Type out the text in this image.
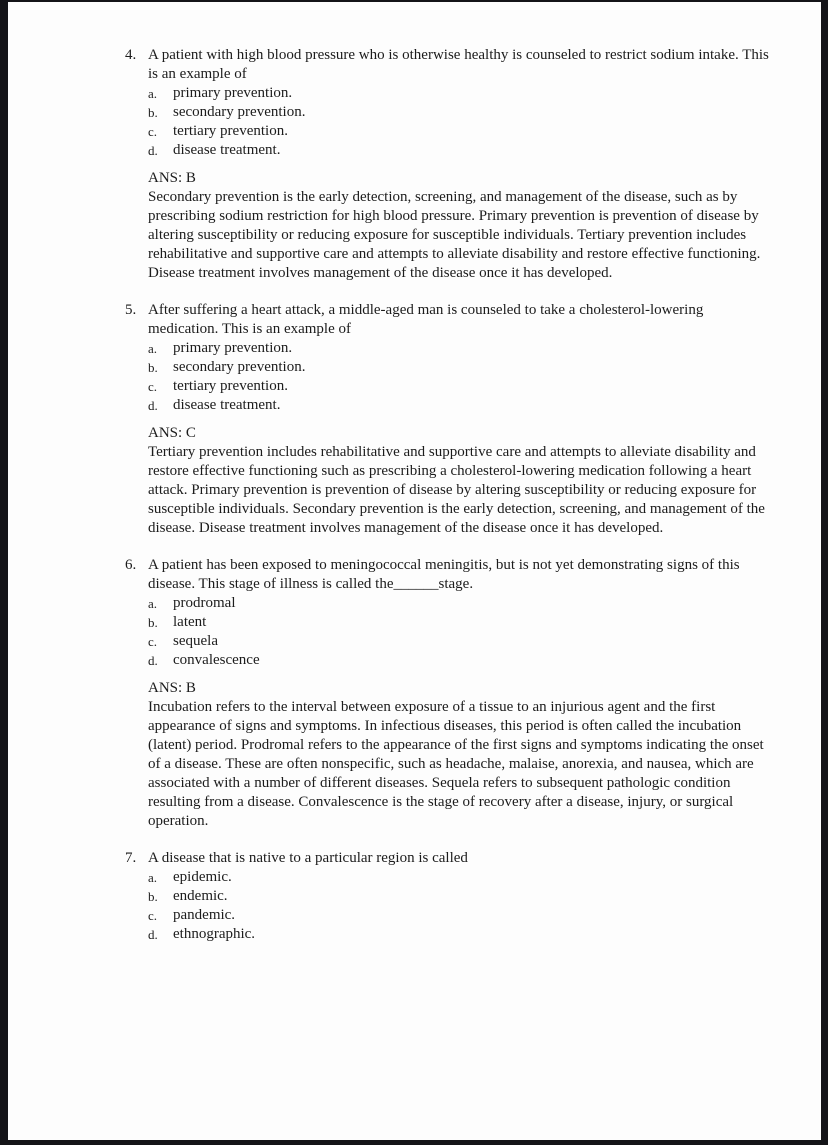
4. A patient with high blood pressure who is otherwise healthy is counseled to restrict sodium intake. This is an example of
a.	primary prevention.
b.	secondary prevention.
c.	tertiary prevention.
d.	disease treatment.
ANS: B
Secondary prevention is the early detection, screening, and management of the disease, such as by prescribing sodium restriction for high blood pressure. Primary prevention is prevention of disease by altering susceptibility or reducing exposure for susceptible individuals. Tertiary prevention includes rehabilitative and supportive care and attempts to alleviate disability and restore effective functioning. Disease treatment involves management of the disease once it has developed.
5. After suffering a heart attack, a middle-aged man is counseled to take a cholesterol-lowering medication. This is an example of
a.	primary prevention.
b.	secondary prevention.
c.	tertiary prevention.
d.	disease treatment.
ANS: C
Tertiary prevention includes rehabilitative and supportive care and attempts to alleviate disability and restore effective functioning such as prescribing a cholesterol-lowering medication following a heart attack. Primary prevention is prevention of disease by altering susceptibility or reducing exposure for susceptible individuals. Secondary prevention is the early detection, screening, and management of the disease. Disease treatment involves management of the disease once it has developed.
6. A patient has been exposed to meningococcal meningitis, but is not yet demonstrating signs of this disease. This stage of illness is called the______stage.
a.	prodromal
b.	latent
c.	sequela
d.	convalescence
ANS: B
Incubation refers to the interval between exposure of a tissue to an injurious agent and the first appearance of signs and symptoms. In infectious diseases, this period is often called the incubation (latent) period. Prodromal refers to the appearance of the first signs and symptoms indicating the onset of a disease. These are often nonspecific, such as headache, malaise, anorexia, and nausea, which are associated with a number of different diseases. Sequela refers to subsequent pathologic condition resulting from a disease. Convalescence is the stage of recovery after a disease, injury, or surgical operation.
7. A disease that is native to a particular region is called
a.	epidemic.
b.	endemic.
c.	pandemic.
d.	ethnographic.
